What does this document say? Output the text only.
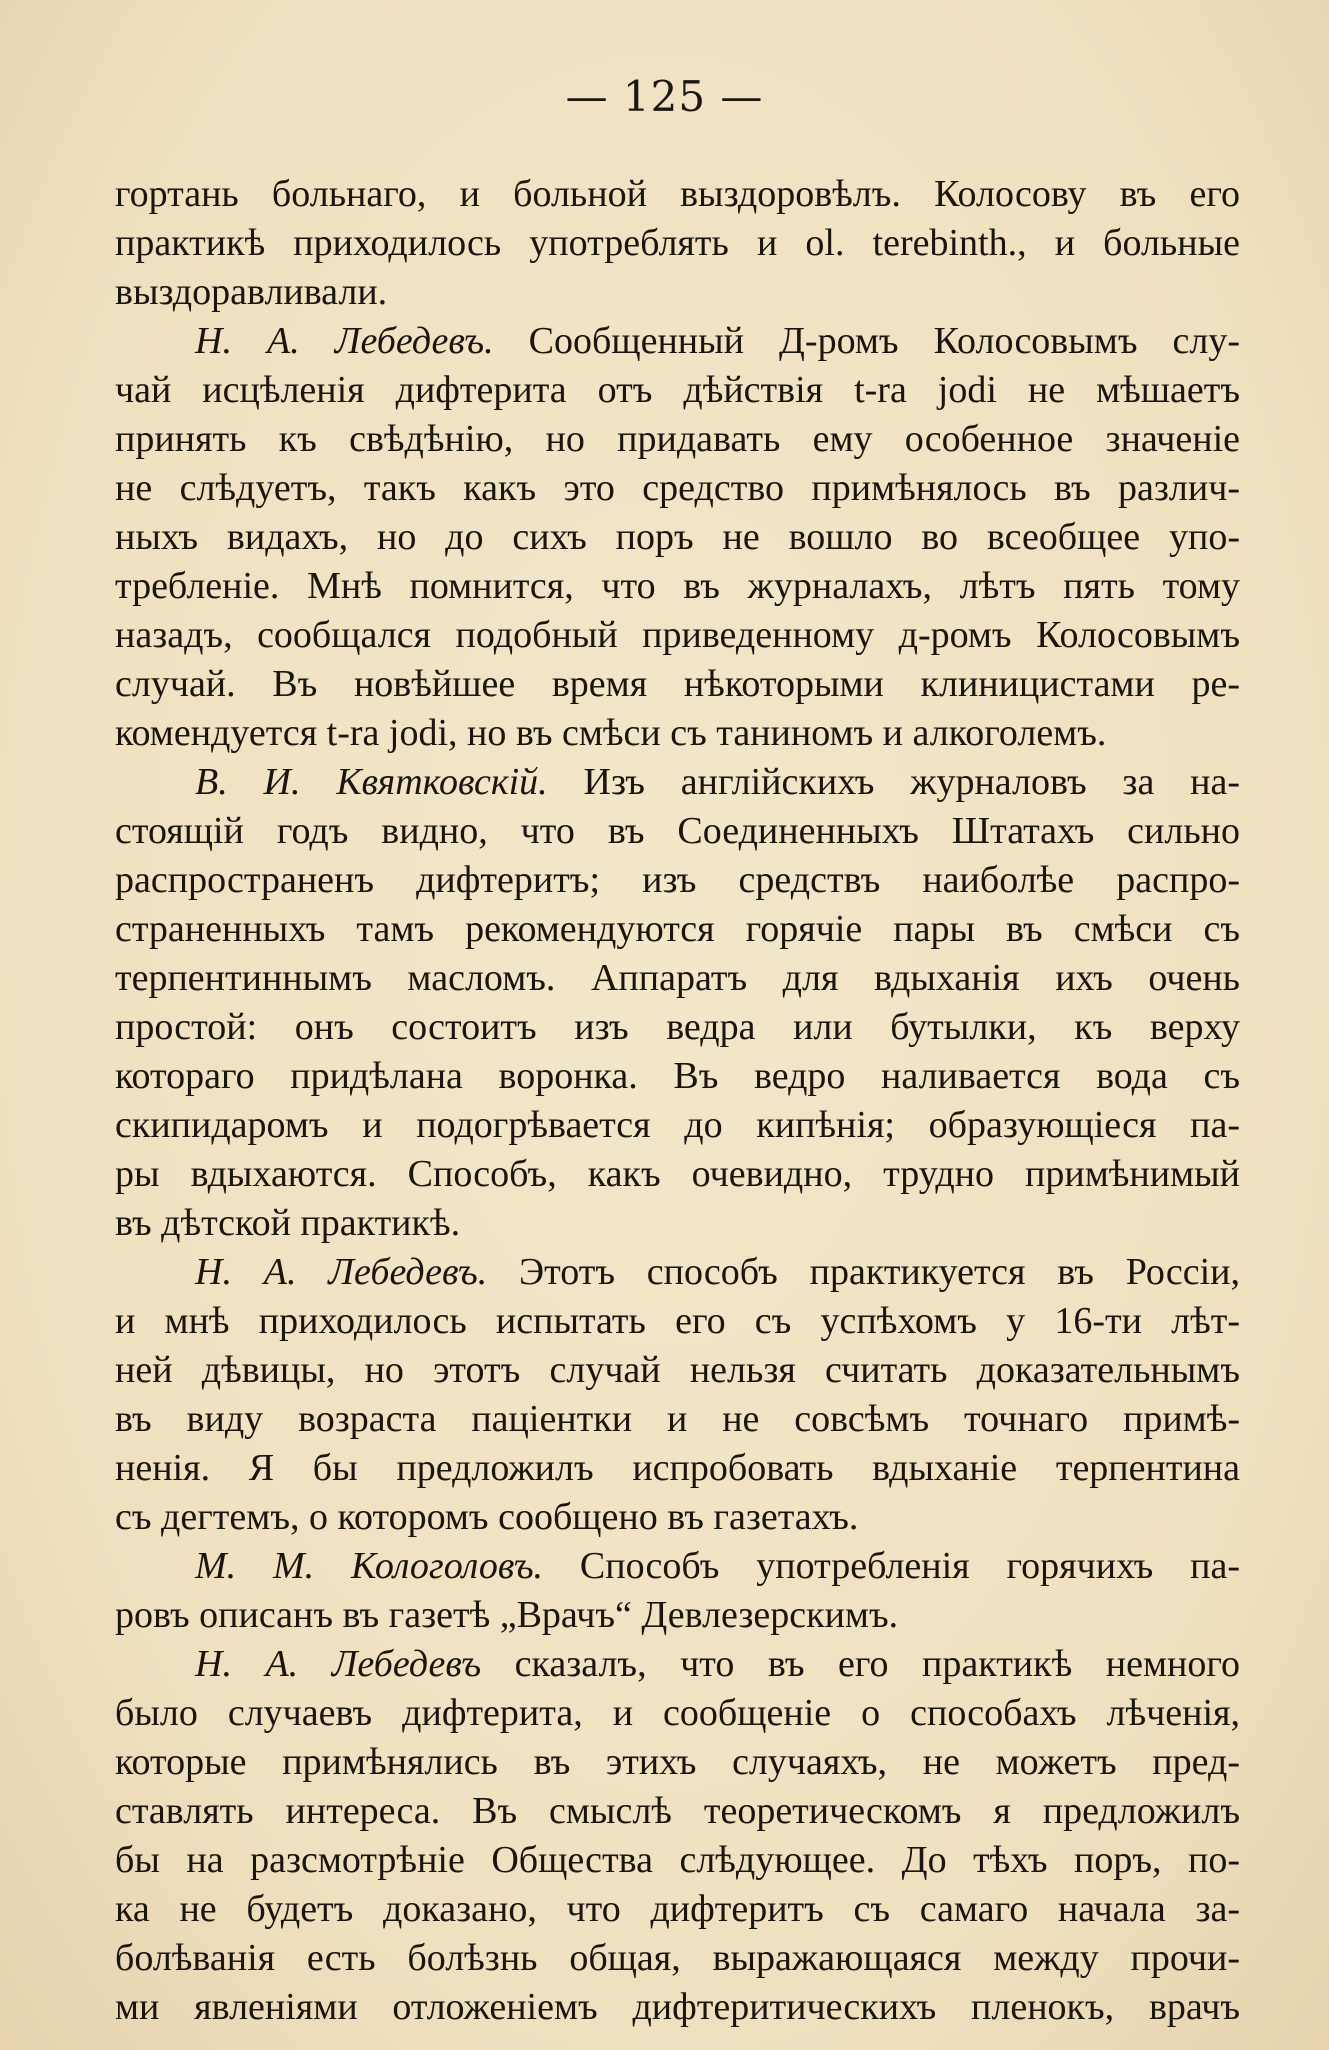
— 125 —
гортань больнаго, и больной выздоровѣлъ. Колосову въ его
практикѣ приходилось употреблять и ol. terebinth., и больные
выздоравливали.
Н. А. Лебедевъ. Сообщенный Д-ромъ Колосовымъ слу-
чай исцѣленія дифтерита отъ дѣйствія t-ra jodi не мѣшаетъ
принять къ свѣдѣнію, но придавать ему особенное значеніе
не слѣдуетъ, такъ какъ это средство примѣнялось въ различ-
ныхъ видахъ, но до сихъ поръ не вошло во всеобщее упо-
требленіе. Мнѣ помнится, что въ журналахъ, лѣтъ пять тому
назадъ, сообщался подобный приведенному д-ромъ Колосовымъ
случай. Въ новѣйшее время нѣкоторыми клиницистами ре-
комендуется t-ra jodi, но въ смѣси съ таниномъ и алкоголемъ.
В. И. Квятковскій. Изъ англійскихъ журналовъ за на-
стоящій годъ видно, что въ Соединенныхъ Штатахъ сильно
распространенъ дифтеритъ; изъ средствъ наиболѣе распро-
страненныхъ тамъ рекомендуются горячіе пары въ смѣси съ
терпентиннымъ масломъ. Аппаратъ для вдыханія ихъ очень
простой: онъ состоитъ изъ ведра или бутылки, къ верху
котораго придѣлана воронка. Въ ведро наливается вода съ
скипидаромъ и подогрѣвается до кипѣнія; образующіеся па-
ры вдыхаются. Способъ, какъ очевидно, трудно примѣнимый
въ дѣтской практикѣ.
Н. А. Лебедевъ. Этотъ способъ практикуется въ Россіи,
и мнѣ приходилось испытать его съ успѣхомъ у 16-ти лѣт-
ней дѣвицы, но этотъ случай нельзя считать доказательнымъ
въ виду возраста паціентки и не совсѣмъ точнаго примѣ-
ненія. Я бы предложилъ испробовать вдыханіе терпентина
съ дегтемъ, о которомъ сообщено въ газетахъ.
М. М. Кологоловъ. Способъ употребленія горячихъ па-
ровъ описанъ въ газетѣ „Врачъ“ Девлезерскимъ.
Н. А. Лебедевъ сказалъ, что въ его практикѣ немного
было случаевъ дифтерита, и сообщеніе о способахъ лѣченія,
которые примѣнялись въ этихъ случаяхъ, не можетъ пред-
ставлять интереса. Въ смыслѣ теоретическомъ я предложилъ
бы на разсмотрѣніе Общества слѣдующее. До тѣхъ поръ, по-
ка не будетъ доказано, что дифтеритъ съ самаго начала за-
болѣванія есть болѣзнь общая, выражающаяся между прочи-
ми явленіями отложеніемъ дифтеритическихъ пленокъ, врачъ
